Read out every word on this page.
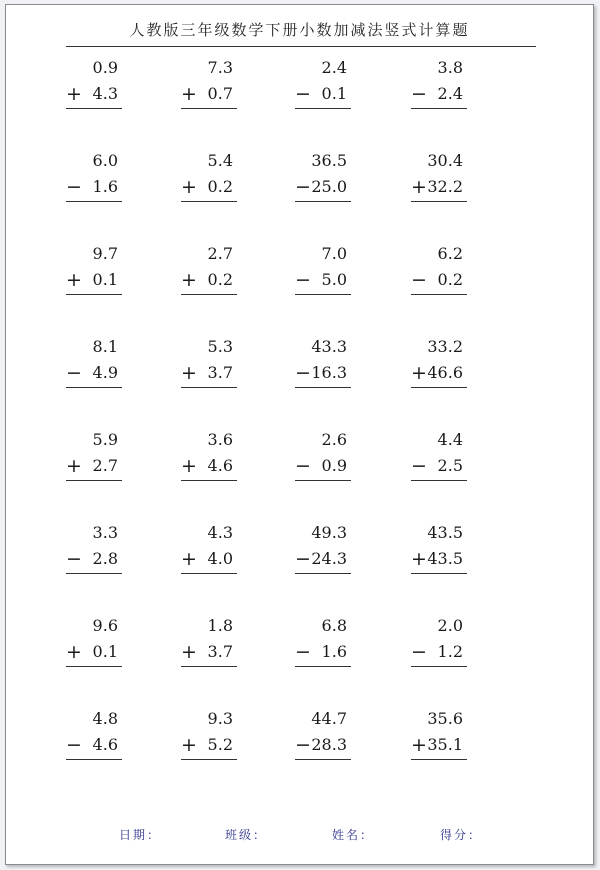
人教版三年级数学下册小数加减法竖式计算题
0.9
+ 4.3
7.3
+ 0.7
2.4
− 0.1
3.8
− 2.4
6.0
− 1.6
5.4
+ 0.2
36.5
− 25.0
30.4
+ 32.2
9.7
+ 0.1
2.7
+ 0.2
7.0
− 5.0
6.2
− 0.2
8.1
− 4.9
5.3
+ 3.7
43.3
− 16.3
33.2
+ 46.6
5.9
+ 2.7
3.6
+ 4.6
2.6
− 0.9
4.4
− 2.5
3.3
− 2.8
4.3
+ 4.0
49.3
− 24.3
43.5
+ 43.5
9.6
+ 0.1
1.8
+ 3.7
6.8
− 1.6
2.0
− 1.2
4.8
− 4.6
9.3
+ 5.2
44.7
− 28.3
35.6
+ 35.1
日期：	班级：	姓名：	得分：
